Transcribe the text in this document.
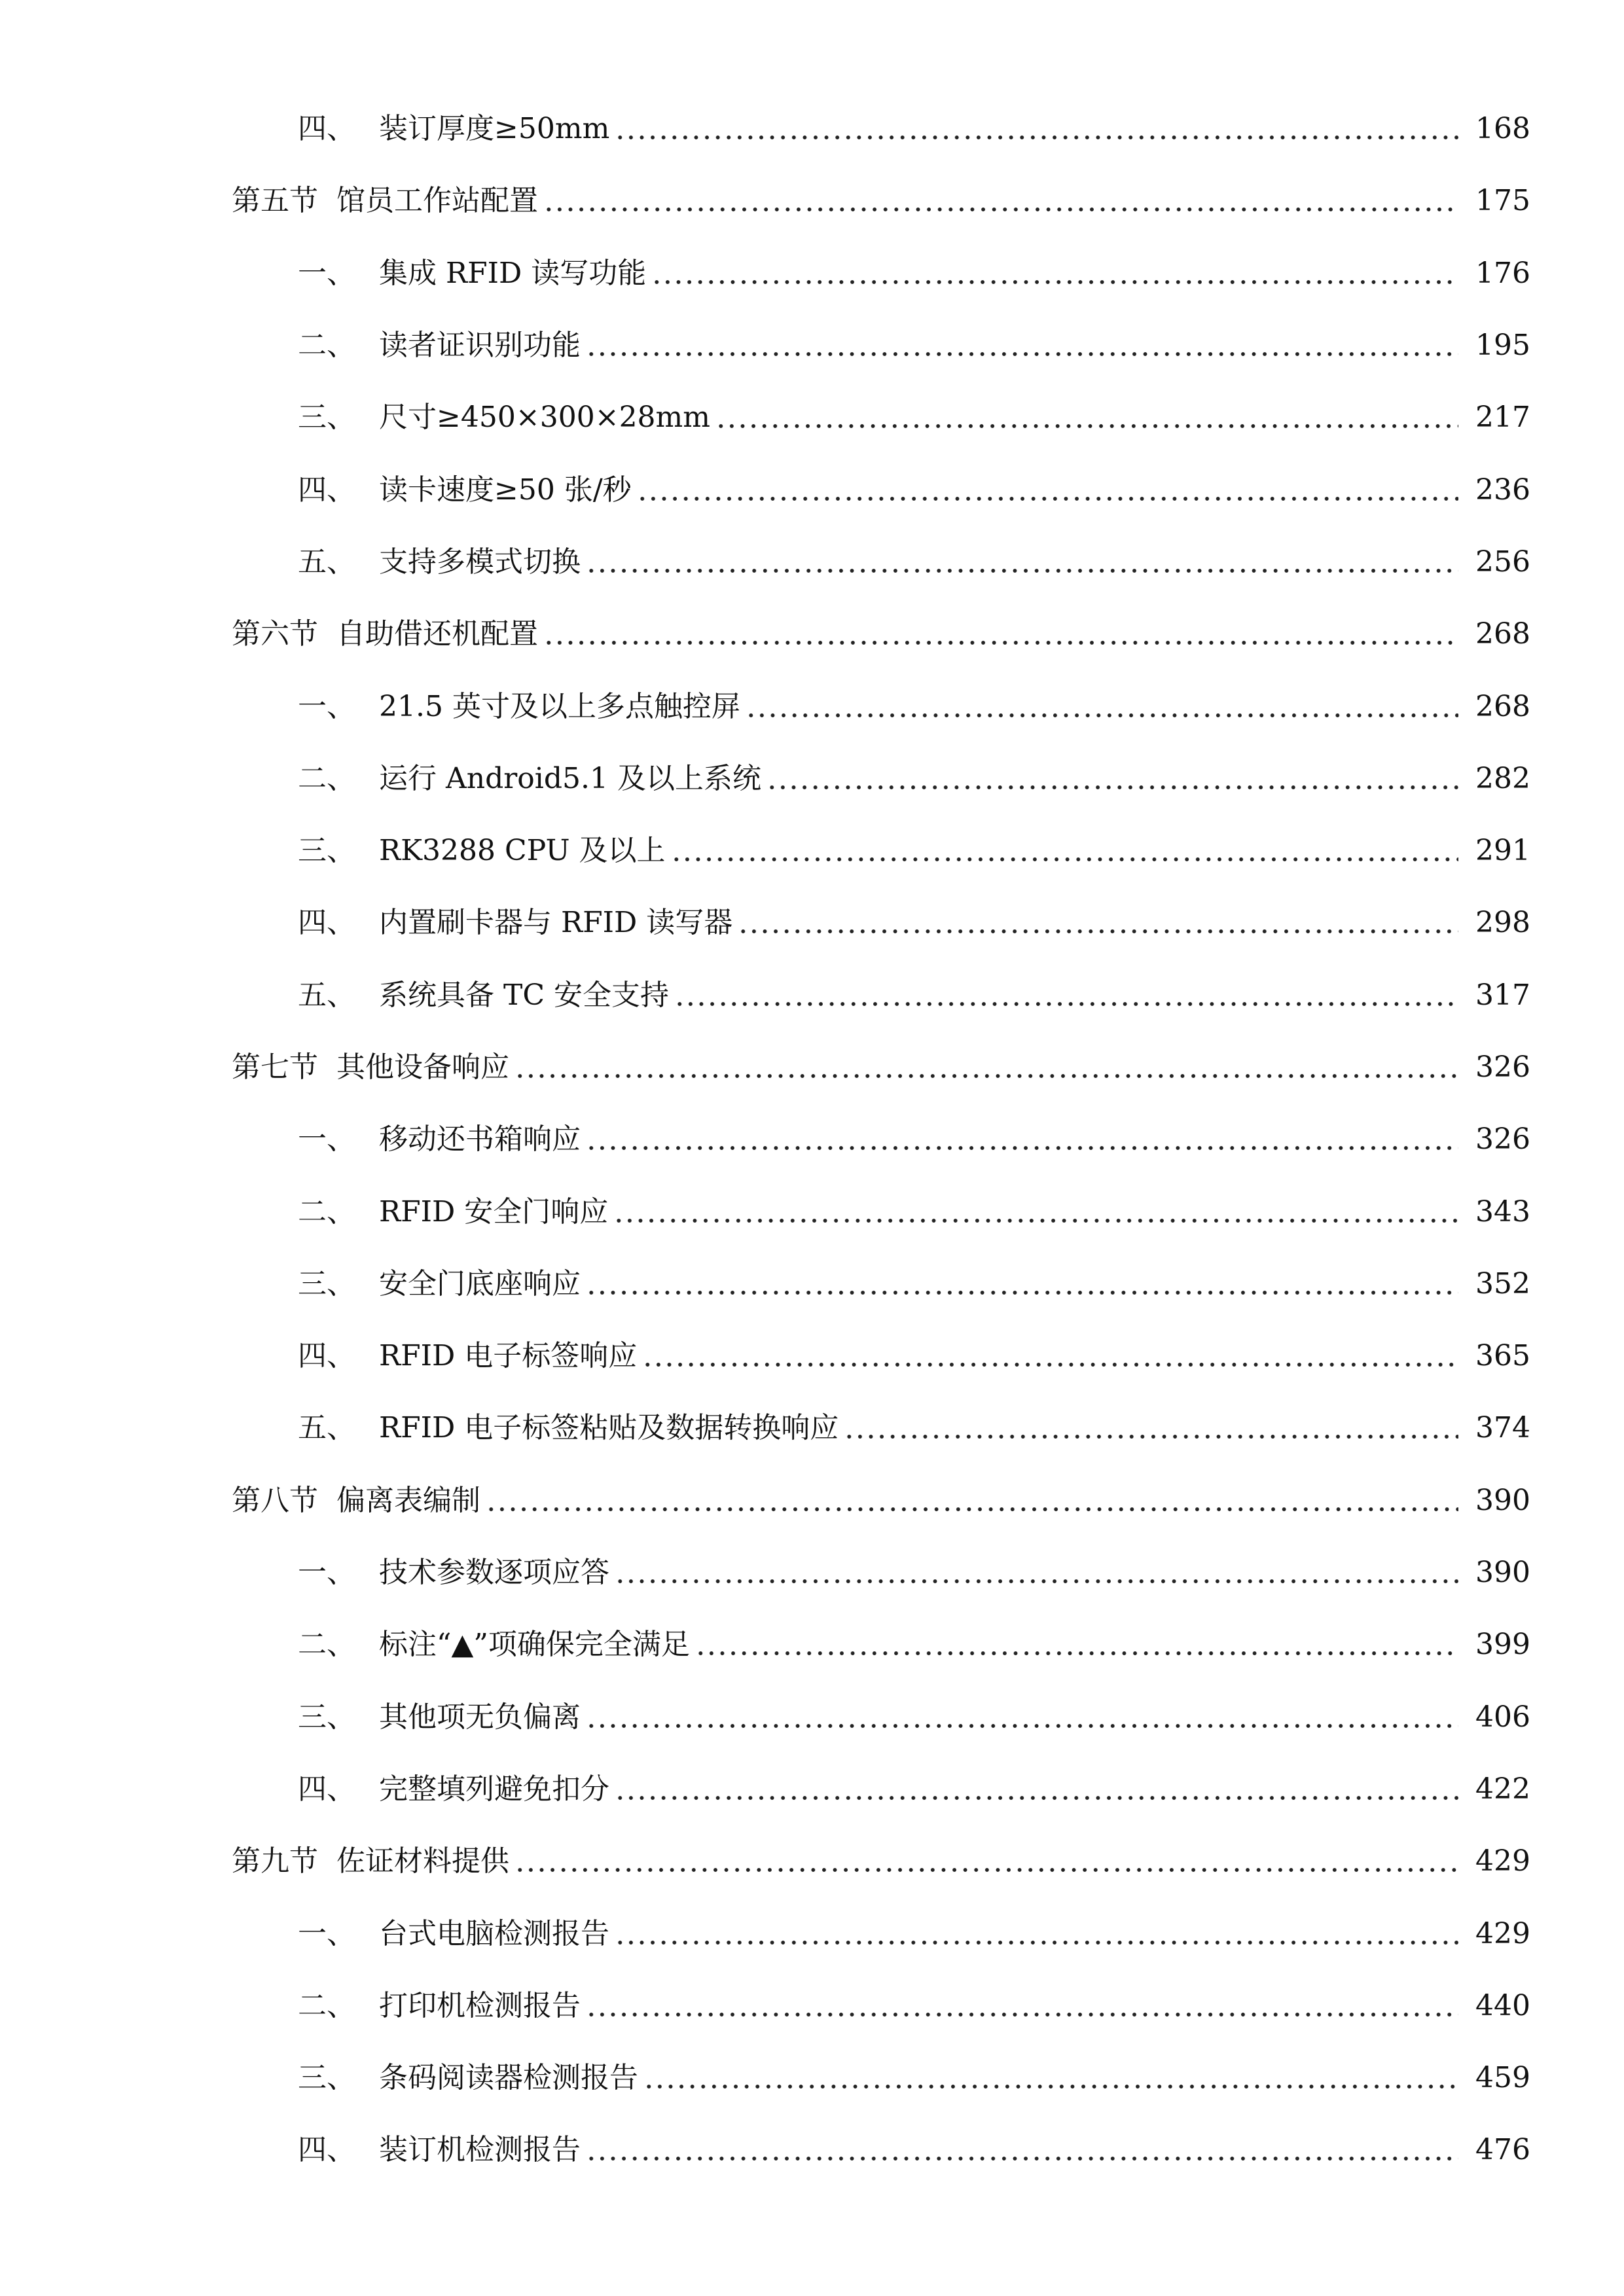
四、 装订厚度≥50mm	168
第五节 馆员工作站配置	175
一、 集成 RFID 读写功能	176
二、 读者证识别功能	195
三、 尺寸≥450×300×28mm	217
四、 读卡速度≥50 张/秒	236
五、 支持多模式切换	256
第六节 自助借还机配置	268
一、 21.5 英寸及以上多点触控屏	268
二、 运行 Android5.1 及以上系统	282
三、 RK3288 CPU 及以上	291
四、 内置刷卡器与 RFID 读写器	298
五、 系统具备 TC 安全支持	317
第七节 其他设备响应	326
一、 移动还书箱响应	326
二、 RFID 安全门响应	343
三、 安全门底座响应	352
四、 RFID 电子标签响应	365
五、 RFID 电子标签粘贴及数据转换响应	374
第八节 偏离表编制	390
一、 技术参数逐项应答	390
二、 标注“▲”项确保完全满足	399
三、 其他项无负偏离	406
四、 完整填列避免扣分	422
第九节 佐证材料提供	429
一、 台式电脑检测报告	429
二、 打印机检测报告	440
三、 条码阅读器检测报告	459
四、 装订机检测报告	476
